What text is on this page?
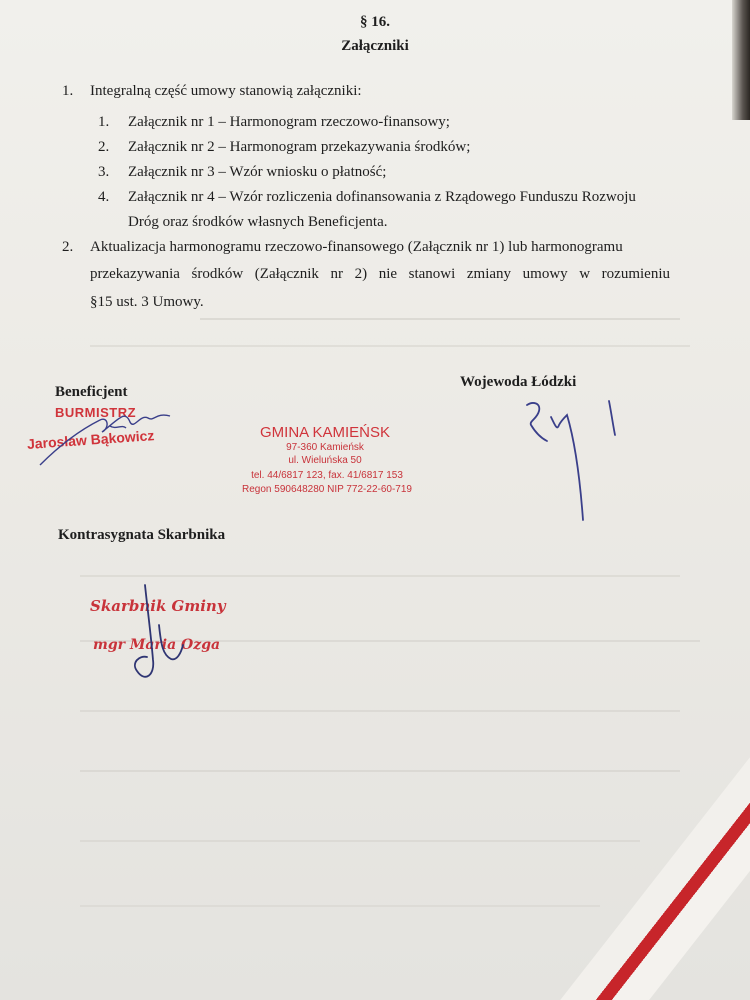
§ 16.
Załączniki
1. Integralną część umowy stanowią załączniki:
1. Załącznik nr 1 – Harmonogram rzeczowo-finansowy;
2. Załącznik nr 2 – Harmonogram przekazywania środków;
3. Załącznik nr 3 – Wzór wniosku o płatność;
4. Załącznik nr 4 – Wzór rozliczenia dofinansowania z Rządowego Funduszu Rozwoju
Dróg oraz środków własnych Beneficjenta.
2. Aktualizacja harmonogramu rzeczowo-finansowego (Załącznik nr 1) lub harmonogramu
przekazywania środków (Załącznik nr 2) nie stanowi zmiany umowy w rozumieniu
§15 ust. 3 Umowy.
Beneficjent
BURMISTRZ
Jarosław Bąkowicz	GMINA KAMIEŃSK
97-360 Kamieńsk
ul. Wieluńska 50
tel. 44/6817 123, fax. 41/6817 153
Regon 590648280 NIP 772-22-60-719
Wojewoda Łódzki
Kontrasygnata Skarbnika
Skarbnik Gminy
mgr Maria Ozga
